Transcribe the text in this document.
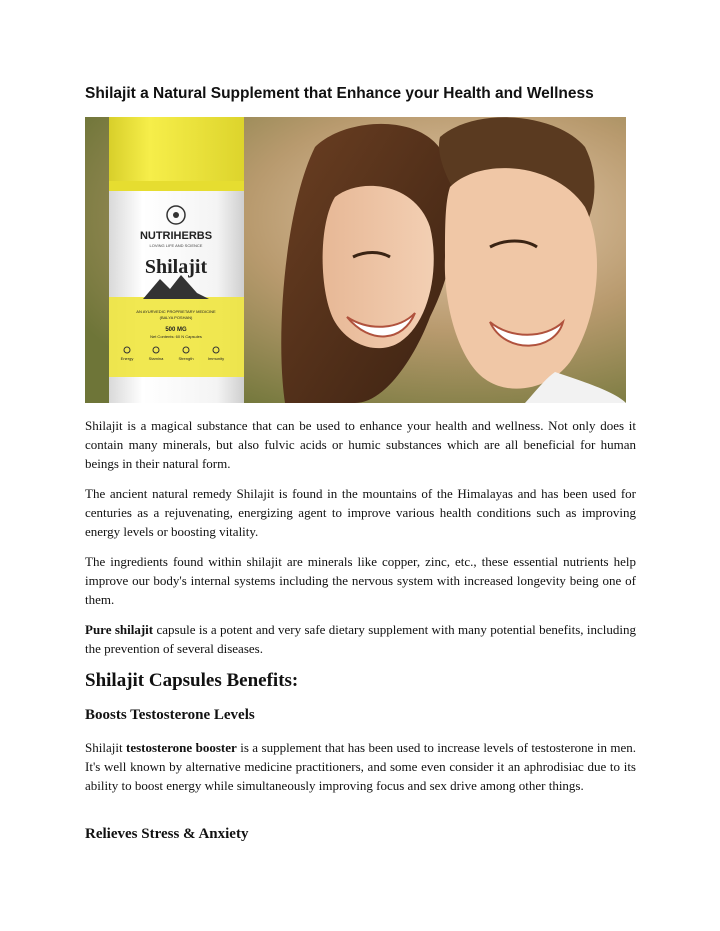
Shilajit a Natural Supplement that Enhance your Health and Wellness
NUTRIHERBS
LOVING LIFE AND SCIENCE
Shilajit
AN AYURVEDIC PROPRIETARY MEDICINE
(BALYA POSHAN)
500 MG
Net Contents: 60 N Capsules
Energy	Stamina	Strength	Immunity

Shilajit is a magical substance that can be used to enhance your health and wellness. Not only does it contain many minerals, but also fulvic acids or humic substances which are all beneficial for human beings in their natural form.

The ancient natural remedy Shilajit is found in the mountains of the Himalayas and has been used for centuries as a rejuvenating, energizing agent to improve various health conditions such as improving energy levels or boosting vitality.

The ingredients found within shilajit are minerals like copper, zinc, etc., these essential nutrients help improve our body's internal systems including the nervous system with increased longevity being one of them.

Pure shilajit capsule is a potent and very safe dietary supplement with many potential benefits, including the prevention of several diseases.

Shilajit Capsules Benefits:
Boosts Testosterone Levels

Shilajit testosterone booster is a supplement that has been used to increase levels of testosterone in men. It's well known by alternative medicine practitioners, and some even consider it an aphrodisiac due to its ability to boost energy while simultaneously improving focus and sex drive among other things.

Relieves Stress & Anxiety
